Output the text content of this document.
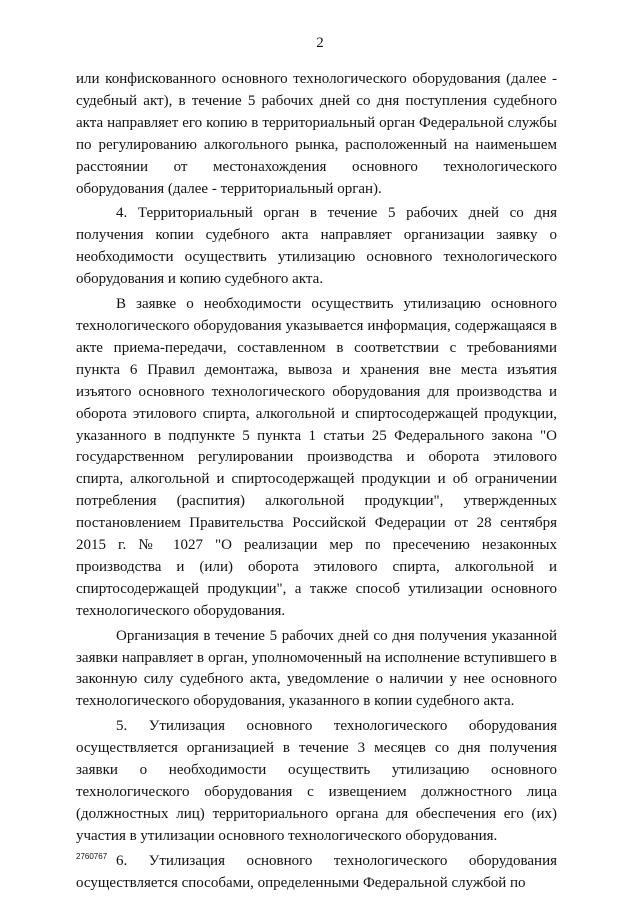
2

или конфискованного основного технологического оборудования (далее - судебный акт), в течение 5 рабочих дней со дня поступления судебного акта направляет его копию в территориальный орган Федеральной службы по регулированию алкогольного рынка, расположенный на наименьшем расстоянии от местонахождения основного технологического оборудования (далее - территориальный орган).

4. Территориальный орган в течение 5 рабочих дней со дня получения копии судебного акта направляет организации заявку о необходимости осуществить утилизацию основного технологического оборудования и копию судебного акта.

В заявке о необходимости осуществить утилизацию основного технологического оборудования указывается информация, содержащаяся в акте приема-передачи, составленном в соответствии с требованиями пункта 6 Правил демонтажа, вывоза и хранения вне места изъятия изъятого основного технологического оборудования для производства и оборота этилового спирта, алкогольной и спиртосодержащей продукции, указанного в подпункте 5 пункта 1 статьи 25 Федерального закона "О государственном регулировании производства и оборота этилового спирта, алкогольной и спиртосодержащей продукции и об ограничении потребления (распития) алкогольной продукции", утвержденных постановлением Правительства Российской Федерации от 28 сентября 2015 г. № 1027 "О реализации мер по пресечению незаконных производства и (или) оборота этилового спирта, алкогольной и спиртосодержащей продукции", а также способ утилизации основного технологического оборудования.

Организация в течение 5 рабочих дней со дня получения указанной заявки направляет в орган, уполномоченный на исполнение вступившего в законную силу судебного акта, уведомление о наличии у нее основного технологического оборудования, указанного в копии судебного акта.

5. Утилизация основного технологического оборудования осуществляется организацией в течение 3 месяцев со дня получения заявки о необходимости осуществить утилизацию основного технологического оборудования с извещением должностного лица (должностных лиц) территориального органа для обеспечения его (их) участия в утилизации основного технологического оборудования.

6. Утилизация основного технологического оборудования осуществляется способами, определенными Федеральной службой по

2760767
